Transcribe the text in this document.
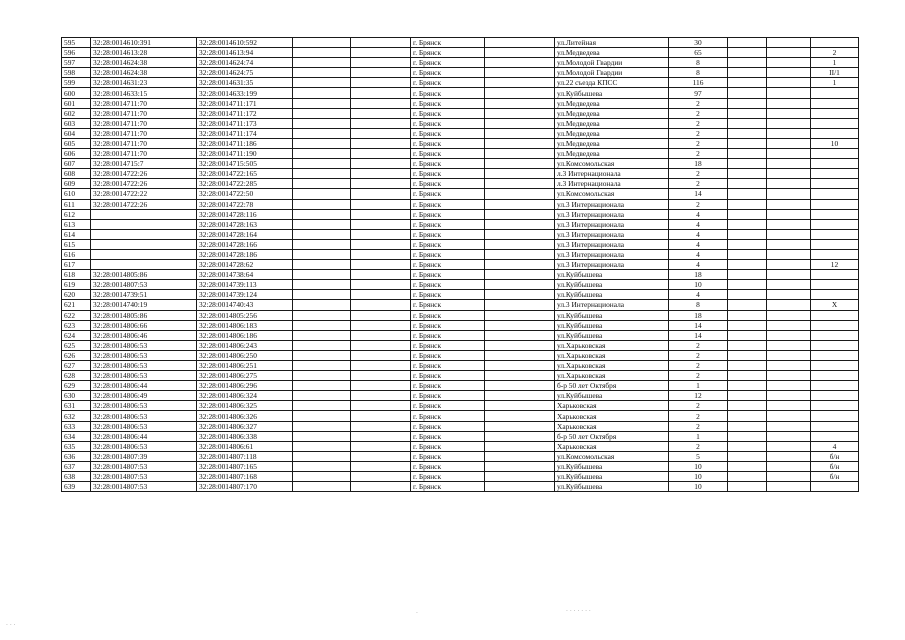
595	32:28:0014610:391	32:28:0014610:592			г. Брянск		ул.Литейная	30			
596	32:28:0014613:28	32:28:0014613:94			г. Брянск		ул.Медведева	65			2
597	32:28:0014624:38	32:28:0014624:74			г. Брянск		ул.Молодой Гвардии	8			1
598	32:28:0014624:38	32:28:0014624:75			г. Брянск		ул.Молодой Гвардии	8			II/1
599	32:28:0014631:23	32:28:0014631:35			г. Брянск		ул.22 съезда КПСС	116			1
600	32:28:0014633:15	32:28:0014633:199			г. Брянск		ул.Куйбышева	97			
601	32:28:0014711:70	32:28:0014711:171			г. Брянск		ул.Медведева	2			
602	32:28:0014711:70	32:28:0014711:172			г. Брянск		ул.Медведева	2			
603	32:28:0014711:70	32:28:0014711:173			г. Брянск		ул.Медведева	2			
604	32:28:0014711:70	32:28:0014711:174			г. Брянск		ул.Медведева	2			
605	32:28:0014711:70	32:28:0014711:186			г. Брянск		ул.Медведева	2			10
606	32:28:0014711:70	32:28:0014711:190			г. Брянск		ул.Медведева	2			
607	32:28:0014715:7	32:28:0014715:505			г. Брянск		ул.Комсомольская	18			
608	32:28:0014722:26	32:28:0014722:165			г. Брянск		л.3 Интернационала	2			
609	32:28:0014722:26	32:28:0014722:285			г. Брянск		л.3 Интернационала	2			
610	32:28:0014722:22	32:28:0014722:50			г. Брянск		ул.Комсомольская	14			
611	32:28:0014722:26	32:28:0014722:78			г. Брянск		ул.3 Интернационала	2			
612		32:28:0014728:116			г. Брянск		ул.3 Интернационала	4			
613		32:28:0014728:163			г. Брянск		ул.3 Интернационала	4			
614		32:28:0014728:164			г. Брянск		ул.3 Интернационала	4			
615		32:28:0014728:166			г. Брянск		ул.3 Интернационала	4			
616		32:28:0014728:186			г. Брянск		ул.3 Интернационала	4			
617		32:28:0014728:62			г. Брянск		ул.3 Интернационала	4			12
618	32:28:0014805:86	32:28:0014738:64			г. Брянск		ул.Куйбышева	18			
619	32:28:0014807:53	32:28:0014739:113			г. Брянск		ул.Куйбышева	10			
620	32:28:0014739:51	32:28:0014739:124			г. Брянск		ул.Куйбышева	4			
621	32:28:0014740:19	32:28:0014740:43			г. Брянск		ул.3 Интернационала	8			X
622	32:28:0014805:86	32:28:0014805:256			г. Брянск		ул.Куйбышева	18			
623	32:28:0014806:66	32:28:0014806:183			г. Брянск		ул.Куйбышева	14			
624	32:28:0014806:46	32:28:0014806:186			г. Брянск		ул.Куйбышева	14			
625	32:28:0014806:53	32:28:0014806:243			г. Брянск		ул.Харьковская	2			
626	32:28:0014806:53	32:28:0014806:250			г. Брянск		ул.Харьковская	2			
627	32:28:0014806:53	32:28:0014806:251			г. Брянск		ул.Харьковская	2			
628	32:28:0014806:53	32:28:0014806:275			г. Брянск		ул.Харьковская	2			
629	32:28:0014806:44	32:28:0014806:296			г. Брянск		б-р 50 лет Октября	1			
630	32:28:0014806:49	32:28:0014806:324			г. Брянск		ул.Куйбышева	12			
631	32:28:0014806:53	32:28:0014806:325			г. Брянск		Харьковская	2			
632	32:28:0014806:53	32:28:0014806:326			г. Брянск		Харьковская	2			
633	32:28:0014806:53	32:28:0014806:327			г. Брянск		Харьковская	2			
634	32:28:0014806:44	32:28:0014806:338			г. Брянск		б-р 50 лет Октября	1			
635	32:28:0014806:53	32:28:0014806:61			г. Брянск		Харьковская	2			4
636	32:28:0014807:39	32:28:0014807:118			г. Брянск		ул.Комсомольская	5			б/н
637	32:28:0014807:53	32:28:0014807:165			г. Брянск		ул.Куйбышева	10			б/н
638	32:28:0014807:53	32:28:0014807:168			г. Брянск		ул.Куйбышева	10			б/н
639	32:28:0014807:53	32:28:0014807:170			г. Брянск		ул.Куйбышева	10			
· · ·
· · · · · · ·
·
